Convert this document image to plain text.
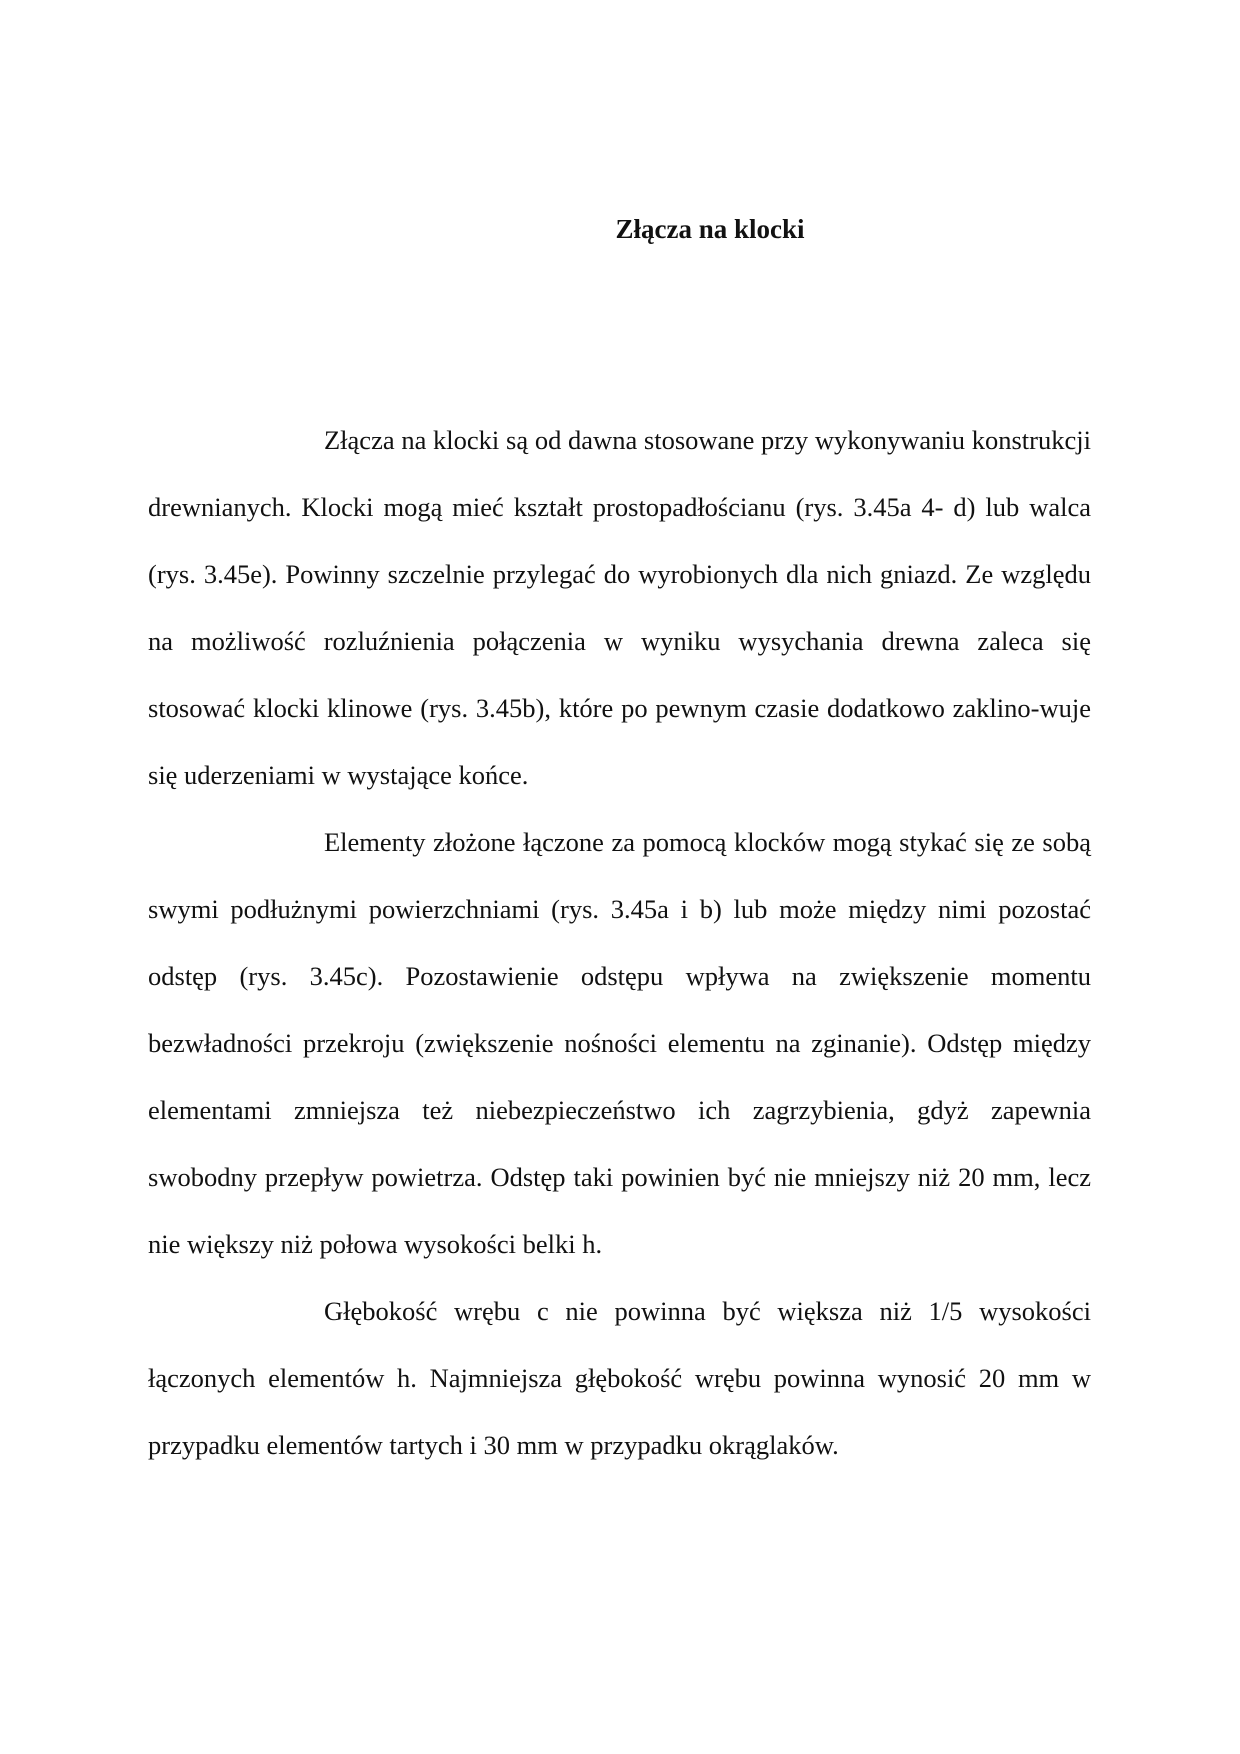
Złącza na klocki

Złącza na klocki są od dawna stosowane przy wykonywaniu konstrukcji drewnianych. Klocki mogą mieć kształt prostopadłościanu (rys. 3.45a 4- d) lub walca (rys. 3.45e). Powinny szczelnie przylegać do wyrobionych dla nich gniazd. Ze względu na możliwość rozluźnienia połączenia w wyniku wysychania drewna zaleca się stosować klocki klinowe (rys. 3.45b), które po pewnym czasie dodatkowo zaklino-wuje się uderzeniami w wystające końce.

Elementy złożone łączone za pomocą klocków mogą stykać się ze sobą swymi podłużnymi powierzchniami (rys. 3.45a i b) lub może między nimi pozostać odstęp (rys. 3.45c). Pozostawienie odstępu wpływa na zwiększenie momentu bezwładności przekroju (zwiększenie nośności elementu na zginanie). Odstęp między elementami zmniejsza też niebezpieczeństwo ich zagrzybienia, gdyż zapewnia swobodny przepływ powietrza. Odstęp taki powinien być nie mniejszy niż 20 mm, lecz nie większy niż połowa wysokości belki h.

Głębokość wrębu c nie powinna być większa niż 1/5 wysokości łączonych elementów h. Najmniejsza głębokość wrębu powinna wynosić 20 mm w przypadku elementów tartych i 30 mm w przypadku okrąglaków.
